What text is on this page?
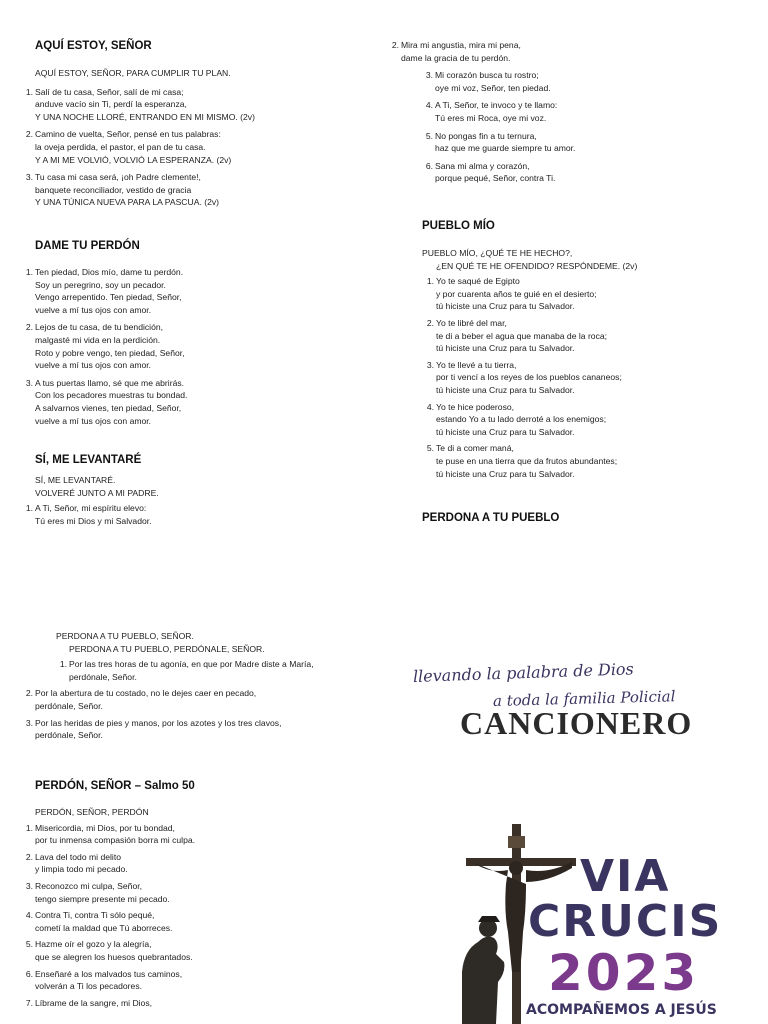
AQUÍ ESTOY, SEÑOR

AQUÍ ESTOY, SEÑOR, PARA CUMPLIR TU PLAN.

1. Salí de tu casa, Señor, salí de mi casa;

anduve vacío sin Ti, perdí la esperanza,

Y UNA NOCHE LLORÉ, ENTRANDO EN MI MISMO. (2v)

2. Camino de vuelta, Señor, pensé en tus palabras:

la oveja perdida, el pastor, el pan de tu casa.

Y A MI ME VOLVIÓ, VOLVIÓ LA ESPERANZA. (2v)

3. Tu casa mi casa será, ¡oh Padre clemente!,

banquete reconciliador, vestido de gracia

Y UNA TÚNICA NUEVA PARA LA PASCUA. (2v)

DAME TU PERDÓN
1. Ten piedad, Dios mío, dame tu perdón.

Soy un peregrino, soy un pecador.

Vengo arrepentido. Ten piedad, Señor,

vuelve a mí tus ojos con amor.

2. Lejos de tu casa, de tu bendición,

malgasté mi vida en la perdición.

Roto y pobre vengo, ten piedad, Señor,

vuelve a mí tus ojos con amor.

3. A tus puertas llamo, sé que me abrirás.

Con los pecadores muestras tu bondad.

A salvarnos vienes, ten piedad, Señor,

vuelve a mí tus ojos con amor.

SÍ, ME LEVANTARÉ

SÍ, ME LEVANTARÉ.

VOLVERÉ JUNTO A MI PADRE.

1. A Ti, Señor, mi espíritu elevo:

Tú eres mi Dios y mi Salvador.

2. Mira mi angustia, mira mi pena,

dame la gracia de tu perdón.

3. Mi corazón busca tu rostro;

oye mi voz, Señor, ten piedad.

4. A Ti, Señor, te invoco y te llamo:

Tú eres mi Roca, oye mi voz.

5. No pongas fin a tu ternura,

haz que me guarde siempre tu amor.

6. Sana mi alma y corazón,

porque pequé, Señor, contra Ti.

PUEBLO MÍO

PUEBLO MÍO, ¿QUÉ TE HE HECHO?,

¿EN QUÉ TE HE OFENDIDO? RESPÓNDEME. (2v)

1. Yo te saqué de Egipto

y por cuarenta años te guié en el desierto;

tú hiciste una Cruz para tu Salvador.

2. Yo te libré del mar,

te di a beber el agua que manaba de la roca;

tú hiciste una Cruz para tu Salvador.

3. Yo te llevé a tu tierra,

por ti vencí a los reyes de los pueblos cananeos;

tú hiciste una Cruz para tu Salvador.

4. Yo te hice poderoso,

estando Yo a tu lado derroté a los enemigos;

tú hiciste una Cruz para tu Salvador.

5. Te di a comer maná,

te puse en una tierra que da frutos abundantes;

tú hiciste una Cruz para tu Salvador.

PERDONA A TU PUEBLO

PERDONA A TU PUEBLO, SEÑOR.

PERDONA A TU PUEBLO, PERDÓNALE, SEÑOR.

1. Por las tres horas de tu agonía, en que por Madre diste a María,

perdónale, Señor.

2. Por la abertura de tu costado, no le dejes caer en pecado,

perdónale, Señor.

3. Por las heridas de pies y manos, por los azotes y los tres clavos,

perdónale, Señor.

PERDÓN, SEÑOR – Salmo 50

PERDÓN, SEÑOR, PERDÓN

1. Misericordia, mi Dios, por tu bondad,

por tu inmensa compasión borra mi culpa.

2. Lava del todo mi delito

y limpia todo mi pecado.

3. Reconozco mi culpa, Señor,

tengo siempre presente mi pecado.

4. Contra Ti, contra Ti sólo pequé,

cometí la maldad que Tú aborreces.

5. Hazme oír el gozo y la alegría,

que se alegren los huesos quebrantados.

6. Enseñaré a los malvados tus caminos,

volverán a Ti los pecadores.

7. Líbrame de la sangre, mi Dios,

llevando la palabra de Dios
a toda la familia Policial
CANCIONERO
VIA
CRUCIS
2023
ACOMPAÑEMOS A JESÚS
